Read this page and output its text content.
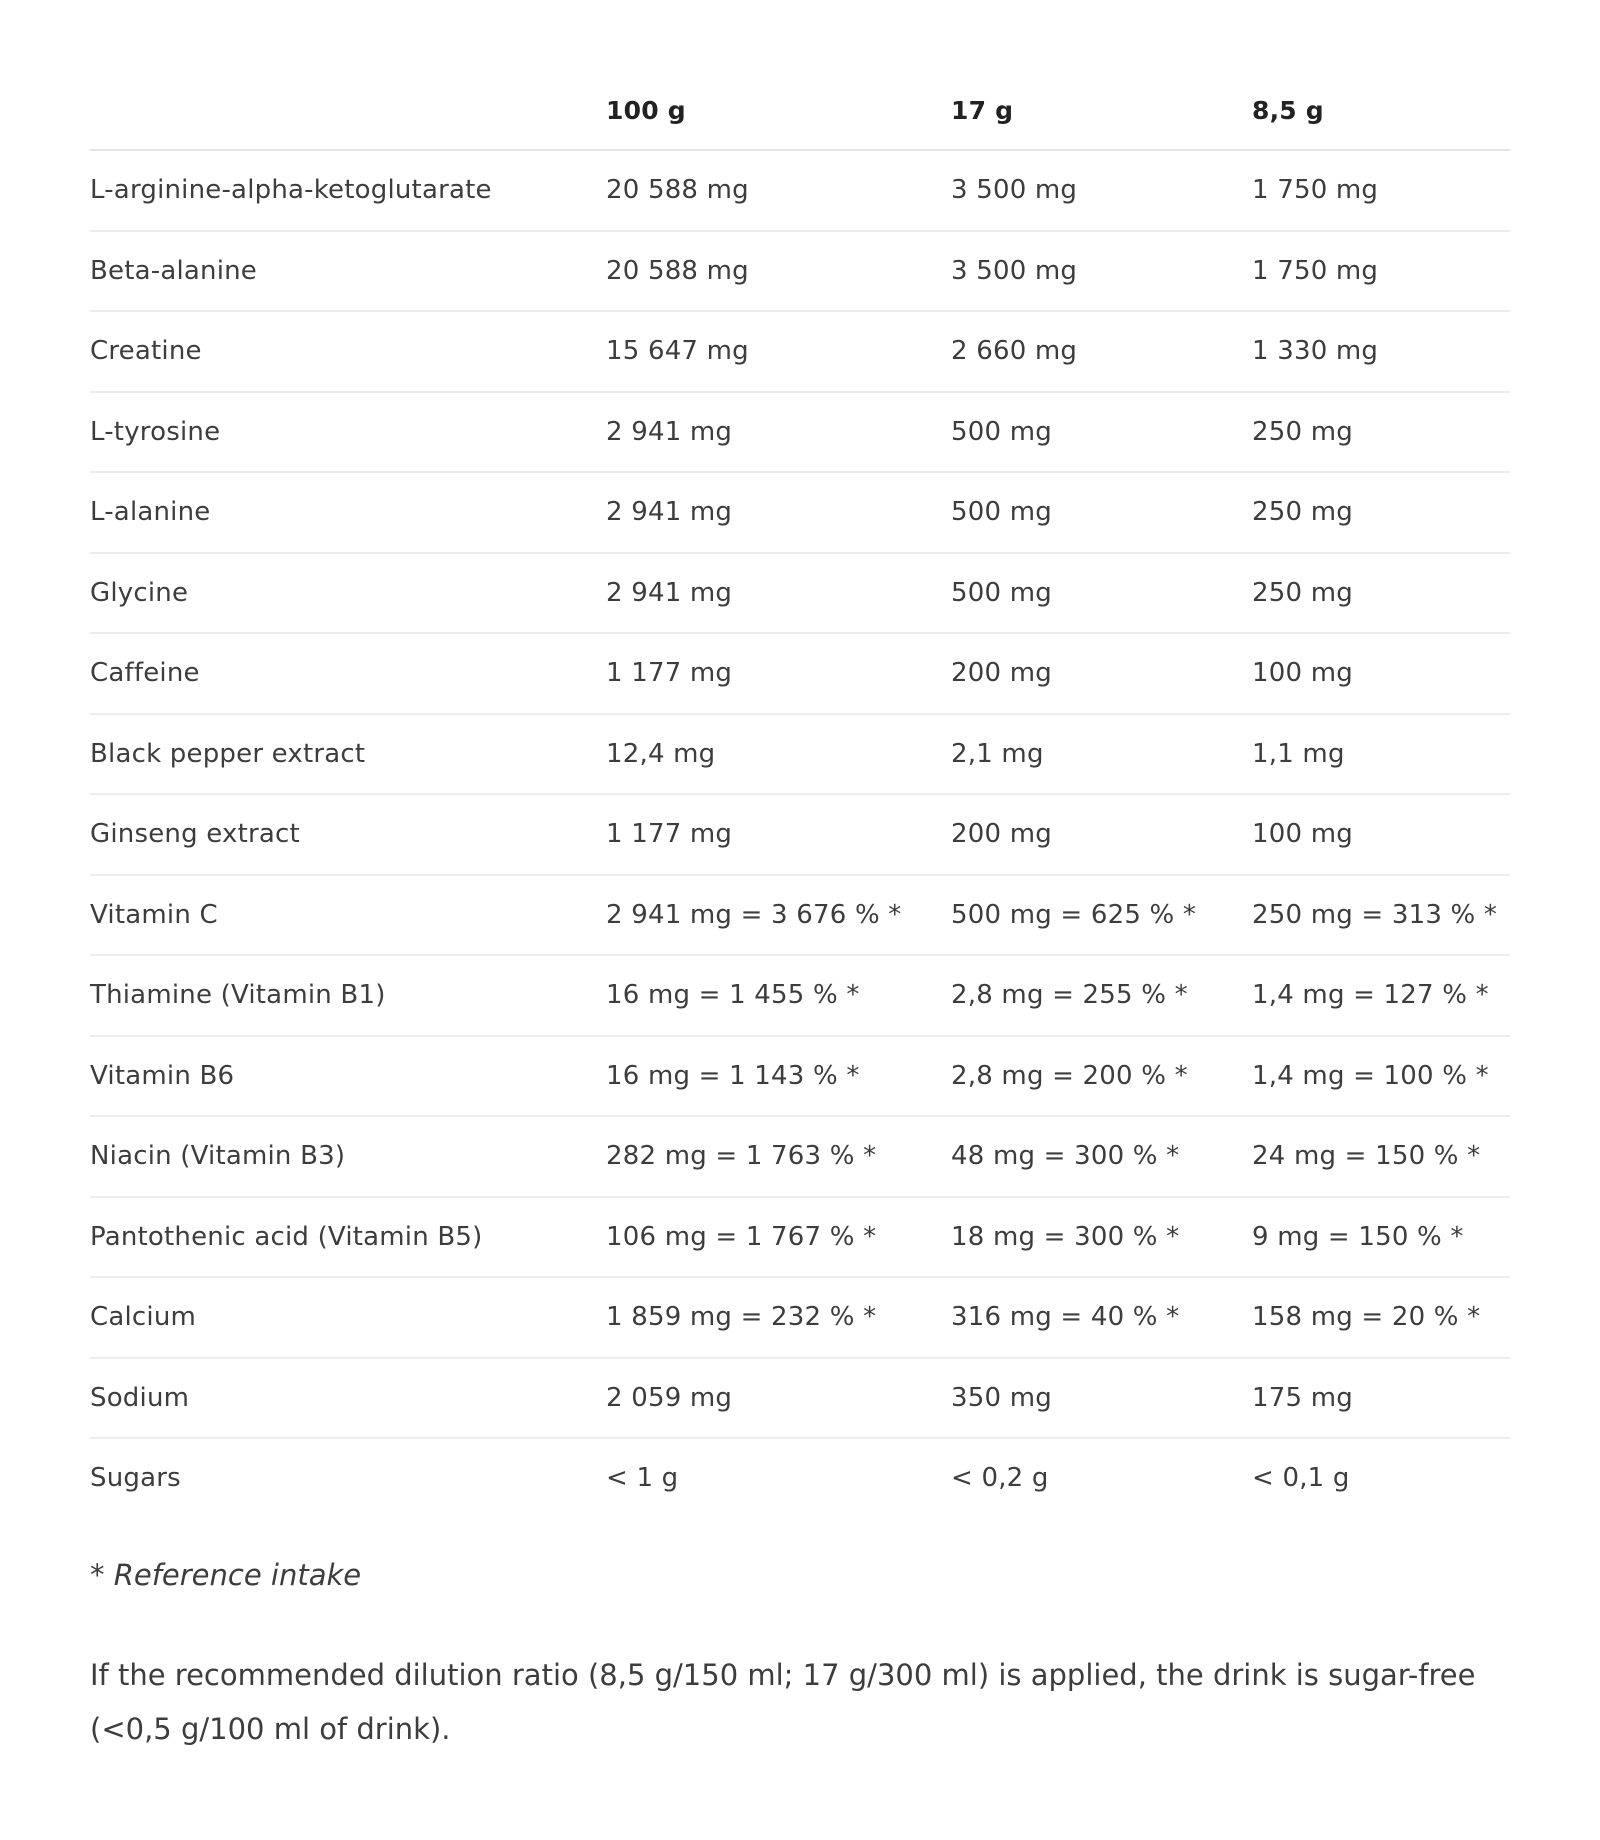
	100 g	17 g	8,5 g
L-arginine-alpha-ketoglutarate	20 588 mg	3 500 mg	1 750 mg
Beta-alanine	20 588 mg	3 500 mg	1 750 mg
Creatine	15 647 mg	2 660 mg	1 330 mg
L-tyrosine	2 941 mg	500 mg	250 mg
L-alanine	2 941 mg	500 mg	250 mg
Glycine	2 941 mg	500 mg	250 mg
Caffeine	1 177 mg	200 mg	100 mg
Black pepper extract	12,4 mg	2,1 mg	1,1 mg
Ginseng extract	1 177 mg	200 mg	100 mg
Vitamin C	2 941 mg = 3 676 % *	500 mg = 625 % *	250 mg = 313 % *
Thiamine (Vitamin B1)	16 mg = 1 455 % *	2,8 mg = 255 % *	1,4 mg = 127 % *
Vitamin B6	16 mg = 1 143 % *	2,8 mg = 200 % *	1,4 mg = 100 % *
Niacin (Vitamin B3)	282 mg = 1 763 % *	48 mg = 300 % *	24 mg = 150 % *
Pantothenic acid (Vitamin B5)	106 mg = 1 767 % *	18 mg = 300 % *	9 mg = 150 % *
Calcium	1 859 mg = 232 % *	316 mg = 40 % *	158 mg = 20 % *
Sodium	2 059 mg	350 mg	175 mg
Sugars	< 1 g	< 0,2 g	< 0,1 g

* Reference intake

If the recommended dilution ratio (8,5 g/150 ml; 17 g/300 ml) is applied, the drink is sugar-free (<0,5 g/100 ml of drink).
